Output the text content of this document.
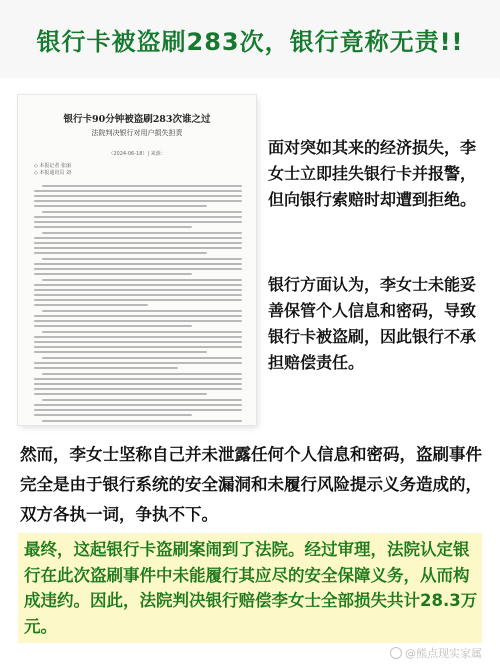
银行卡被盗刷283次，银行竟称无责!!
银行卡90分钟被盗刷283次谁之过
法院判决银行对用户损失担责
（2024-06-18）| 来源：
◇ 本报记者 张丽
◇ 本报通讯员 刘
面对突如其来的经济损失，李女士立即挂失银行卡并报警，但向银行索赔时却遭到拒绝。
银行方面认为，李女士未能妥善保管个人信息和密码，导致银行卡被盗刷，因此银行不承担赔偿责任。
然而，李女士坚称自己并未泄露任何个人信息和密码，盗刷事件完全是由于银行系统的安全漏洞和未履行风险提示义务造成的，双方各执一词，争执不下。
最终，这起银行卡盗刷案闹到了法院。经过审理，法院认定银行在此次盗刷事件中未能履行其应尽的安全保障义务，从而构成违约。因此，法院判决银行赔偿李女士全部损失共计28.3万元。
@熊点现实家属
